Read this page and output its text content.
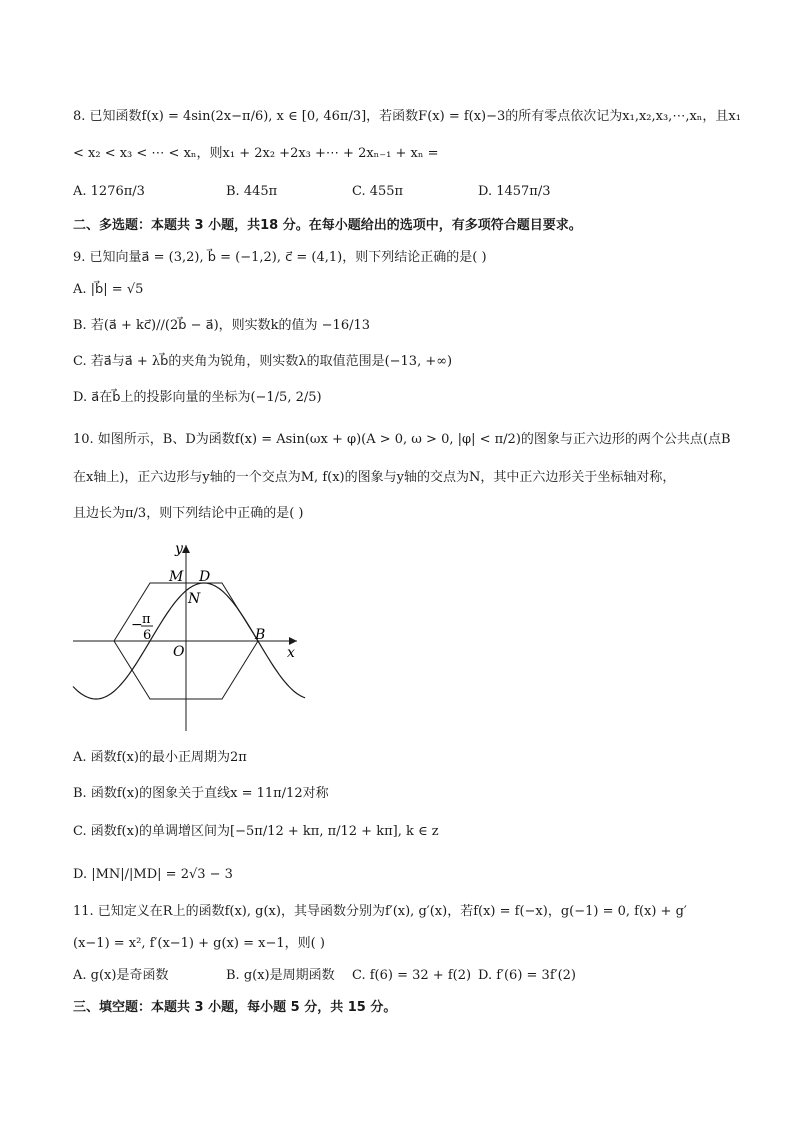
8. 已知函数f(x) = 4sin(2x−π/6), x ∈ [0, 46π/3]，若函数F(x) = f(x)−3的所有零点依次记为x₁,x₂,x₃,⋯,xₙ，且x₁
< x₂ < x₃ < ⋯ < xₙ，则x₁ + 2x₂ +2x₃ +⋯ + 2xₙ₋₁ + xₙ =
A. 1276π/3	B. 445π	C. 455π	D. 1457π/3
二、多选题：本题共 3 小题，共18 分。在每小题给出的选项中，有多项符合题目要求。
9. 已知向量a⃗ = (3,2), b⃗ = (−1,2), c⃗ = (4,1)，则下列结论正确的是( )
A. |b⃗| = √5
B. 若(a⃗ + kc⃗)//(2b⃗ − a⃗)，则实数k的值为 −16/13
C. 若a⃗与a⃗ + λb⃗的夹角为锐角，则实数λ的取值范围是(−13, +∞)
D. a⃗在b⃗上的投影向量的坐标为(−1/5, 2/5)
10. 如图所示，B、D为函数f(x) = Asin(ωx + φ)(A > 0, ω > 0, |φ| < π/2)的图象与正六边形的两个公共点(点B
在x轴上)，正六边形与y轴的一个交点为M, f(x)的图象与y轴的交点为N，其中正六边形关于坐标轴对称，
且边长为π/3，则下列结论中正确的是( )
y
x
M D
N
B
O
− π
6
A. 函数f(x)的最小正周期为2π
B. 函数f(x)的图象关于直线x = 11π/12对称
C. 函数f(x)的单调增区间为[−5π/12 + kπ, π/12 + kπ], k ∈ z
D. |MN|/|MD| = 2√3 − 3
11. 已知定义在R上的函数f(x), g(x)，其导函数分别为f′(x), g′(x)，若f(x) = f(−x)，g(−1) = 0, f(x) + g′
(x−1) = x², f′(x−1) + g(x) = x−1，则( )
A. g(x)是奇函数	B. g(x)是周期函数 C. f(6) = 32 + f(2) D. f′(6) = 3f′(2)
三、填空题：本题共 3 小题，每小题 5 分，共 15 分。
